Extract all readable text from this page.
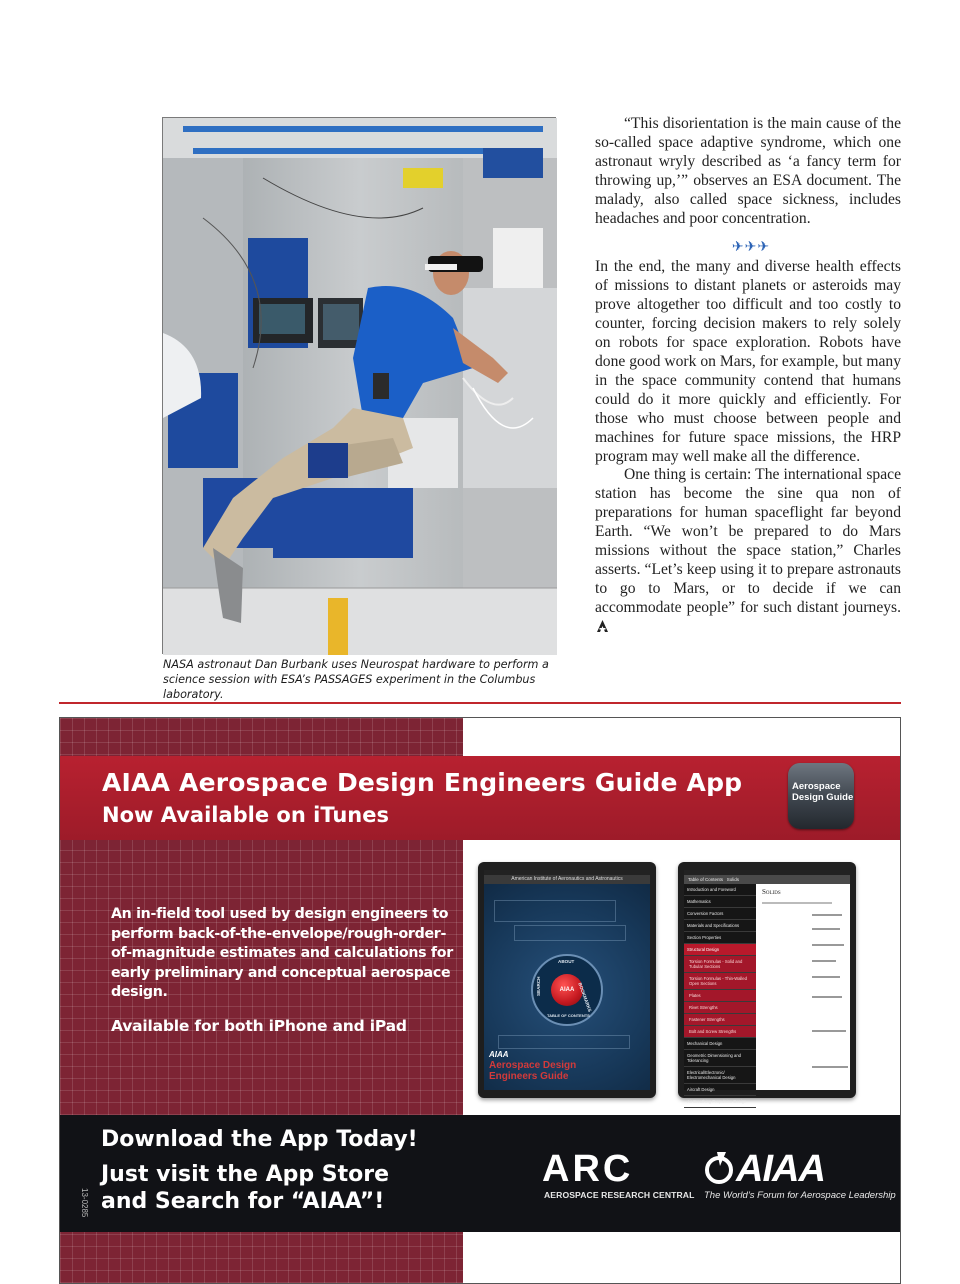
NASA astronaut Dan Burbank uses Neurospat hardware to perform a science session with ESA’s PASSAGES experiment in the Columbus laboratory.

“This disorientation is the main cause of the so-called space adaptive syndrome, which one astronaut wryly described as ‘a fancy term for throwing up,’” observes an ESA document. The malady, also called space sickness, includes headaches and poor concentration.

✈✈✈

In the end, the many and diverse health effects of missions to distant planets or asteroids may prove altogether too difficult and too costly to counter, forcing decision makers to rely solely on robots for space exploration. Robots have done good work on Mars, for example, but many in the space community contend that humans could do it more quickly and efficiently. For those who must choose between people and machines for future space missions, the HRP program may well make all the difference.

One thing is certain: The international space station has become the sine qua non of preparations for human spaceflight far beyond Earth. “We won’t be prepared to do Mars missions without the space station,” Charles asserts. “Let’s keep using it to prepare astronauts to go to Mars, or to decide if we can accommodate people” for such distant journeys.

AIAA Aerospace Design Engineers Guide App
Now Available on iTunes
Aerospace
Design Guide

An in-field tool used by design engineers to perform back-of-the-envelope/rough-order-of-magnitude estimates and calculations for early preliminary and conceptual aerospace design.

Available for both iPhone and iPad
American Institute of Aeronautics and Astronautics
AIAA
ABOUT
BOOKMARKS
SEARCH
TABLE OF CONTENTS
AIAA
Aerospace Design
Engineers Guide
Table of Contents Solids
Introduction and Foreword
Mathematics
Conversion Factors
Materials and Specifications
Section Properties
Structural Design
Torsion Formulas - Solid and Tubular Sections
Torsion Formulas - Thin-Walled Open Sections
Plates
Rivet Strengths
Fastener Strengths
Bolt and Screw Strengths
Mechanical Design
Geometric Dimensioning and Tolerancing
Electrical/Electronic/ Electromechanical Design
Aircraft Design
Air Breathing Propulsion Design
Solids
Download the App Today!
Just visit the App Store
and Search for “AIAA”!
ARC
AEROSPACE RESEARCH CENTRAL
AIAA
The World’s Forum for Aerospace Leadership
